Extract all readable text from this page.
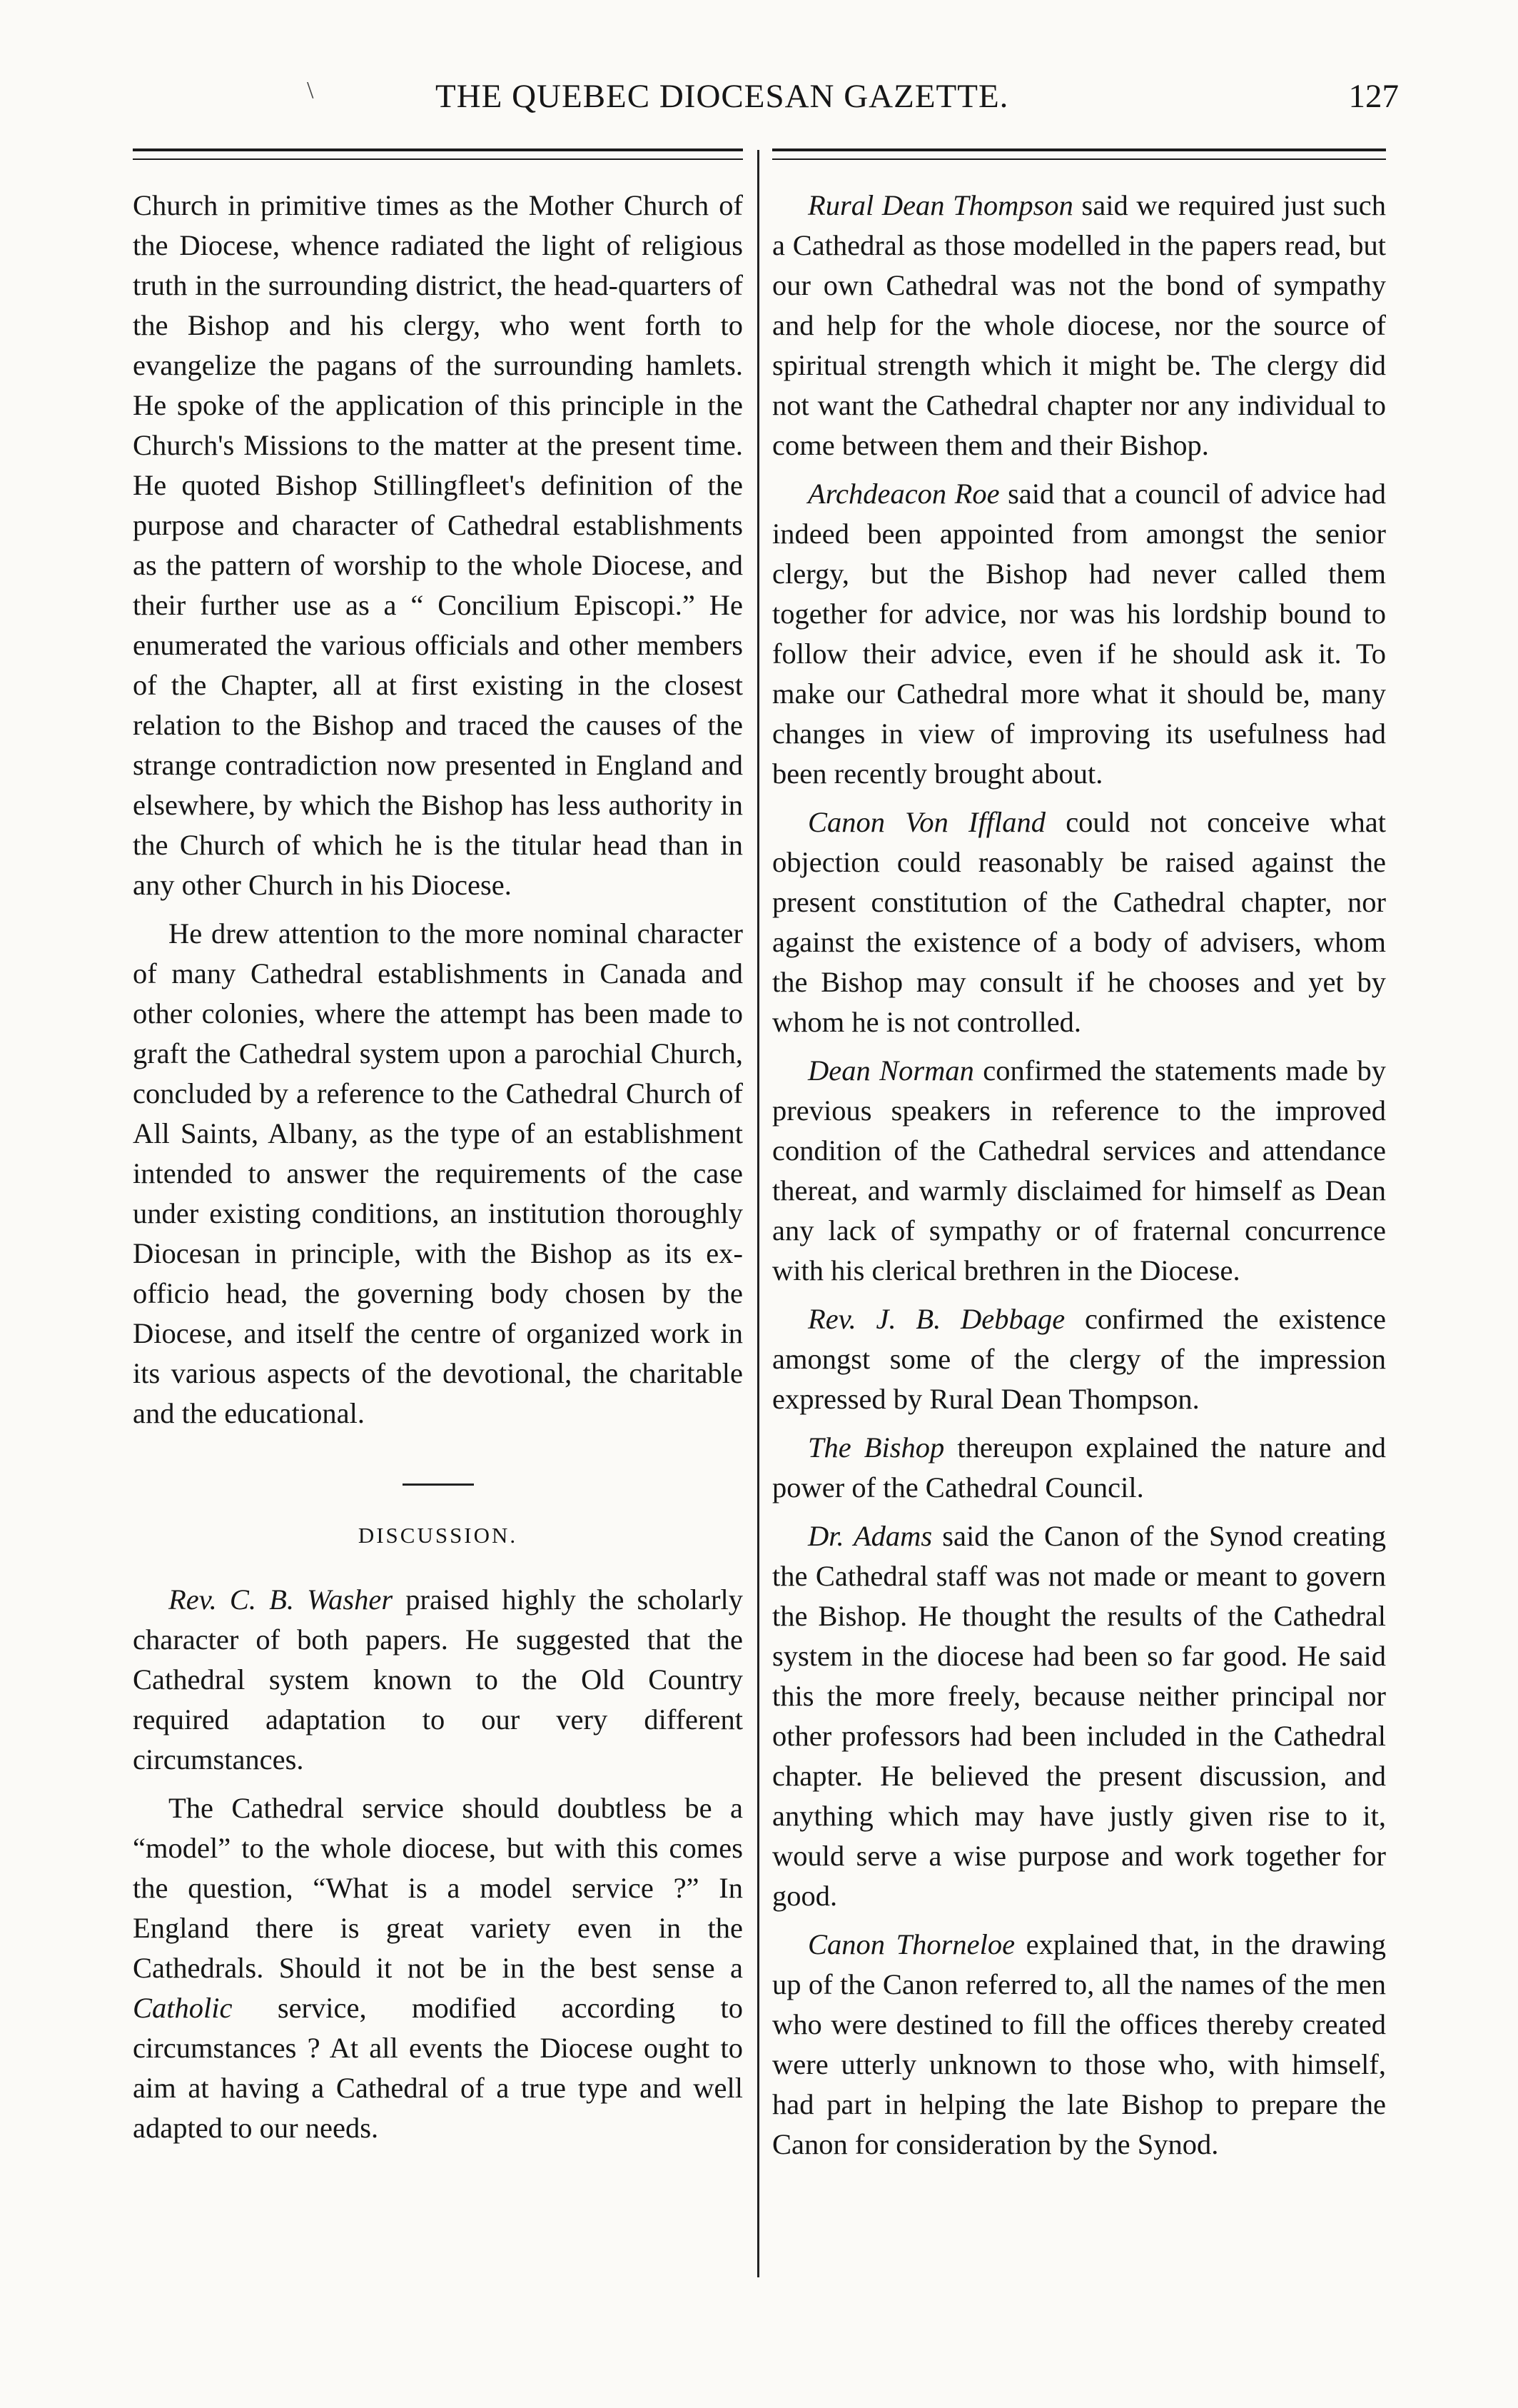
\	THE QUEBEC DIOCESAN GAZETTE.	127

Church in primitive times as the Mother Church of the Diocese, whence radiated the light of religious truth in the surrounding district, the head-quarters of the Bishop and his clergy, who went forth to evangelize the pagans of the surrounding hamlets. He spoke of the application of this principle in the Church's Missions to the matter at the present time. He quoted Bishop Stillingfleet's definition of the purpose and character of Cathedral establishments as the pattern of worship to the whole Diocese, and their further use as a “ Concilium Episcopi.” He enumerated the various officials and other members of the Chapter, all at first existing in the closest relation to the Bishop and traced the causes of the strange contradiction now presented in England and elsewhere, by which the Bishop has less authority in the Church of which he is the titular head than in any other Church in his Diocese.

He drew attention to the more nominal character of many Cathedral establishments in Canada and other colonies, where the attempt has been made to graft the Cathedral system upon a parochial Church, concluded by a reference to the Cathedral Church of All Saints, Albany, as the type of an establishment intended to answer the requirements of the case under existing conditions, an institution thoroughly Diocesan in principle, with the Bishop as its ex-officio head, the governing body chosen by the Diocese, and itself the centre of organized work in its various aspects of the devotional, the charitable and the educational.

DISCUSSION.

Rev. C. B. Washer praised highly the scholarly character of both papers. He suggested that the Cathedral system known to the Old Country required adaptation to our very different circumstances.

The Cathedral service should doubtless be a “model” to the whole diocese, but with this comes the question, “What is a model service ?” In England there is great variety even in the Cathedrals. Should it not be in the best sense a Catholic service, modified according to circumstances ? At all events the Diocese ought to aim at having a Cathedral of a true type and well adapted to our needs.

Rural Dean Thompson said we required just such a Cathedral as those modelled in the papers read, but our own Cathedral was not the bond of sympathy and help for the whole diocese, nor the source of spiritual strength which it might be. The clergy did not want the Cathedral chapter nor any individual to come between them and their Bishop.

Archdeacon Roe said that a council of advice had indeed been appointed from amongst the senior clergy, but the Bishop had never called them together for advice, nor was his lordship bound to follow their advice, even if he should ask it. To make our Cathedral more what it should be, many changes in view of improving its usefulness had been recently brought about.

Canon Von Iffland could not conceive what objection could reasonably be raised against the present constitution of the Cathedral chapter, nor against the existence of a body of advisers, whom the Bishop may consult if he chooses and yet by whom he is not controlled.

Dean Norman confirmed the statements made by previous speakers in reference to the improved condition of the Cathedral services and attendance thereat, and warmly disclaimed for himself as Dean any lack of sympathy or of fraternal concurrence with his clerical brethren in the Diocese.

Rev. J. B. Debbage confirmed the existence amongst some of the clergy of the impression expressed by Rural Dean Thompson.

The Bishop thereupon explained the nature and power of the Cathedral Council.

Dr. Adams said the Canon of the Synod creating the Cathedral staff was not made or meant to govern the Bishop. He thought the results of the Cathedral system in the diocese had been so far good. He said this the more freely, because neither principal nor other professors had been included in the Cathedral chapter. He believed the present discussion, and anything which may have justly given rise to it, would serve a wise purpose and work together for good.

Canon Thorneloe explained that, in the drawing up of the Canon referred to, all the names of the men who were destined to fill the offices thereby created were utterly unknown to those who, with himself, had part in helping the late Bishop to prepare the Canon for consideration by the Synod.
